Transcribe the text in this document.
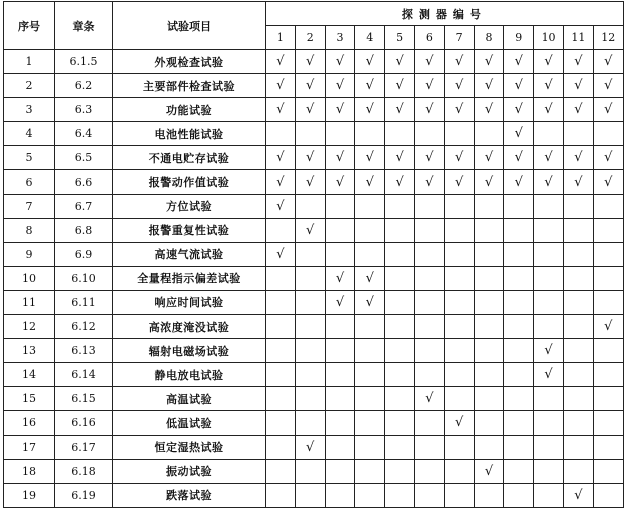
序号	章条	试验项目	探测器编号											
			1	2	3	4	5	6	7	8	9	10	11	12
1	6.1.5	外观检查试验	√	√	√	√	√	√	√	√	√	√	√	√
2	6.2	主要部件检查试验	√	√	√	√	√	√	√	√	√	√	√	√
3	6.3	功能试验	√	√	√	√	√	√	√	√	√	√	√	√
4	6.4	电池性能试验									√			
5	6.5	不通电贮存试验	√	√	√	√	√	√	√	√	√	√	√	√
6	6.6	报警动作值试验	√	√	√	√	√	√	√	√	√	√	√	√
7	6.7	方位试验	√											
8	6.8	报警重复性试验		√										
9	6.9	高速气流试验	√											
10	6.10	全量程指示偏差试验			√	√								
11	6.11	响应时间试验			√	√								
12	6.12	高浓度淹没试验												√
13	6.13	辐射电磁场试验										√		
14	6.14	静电放电试验										√		
15	6.15	高温试验						√						
16	6.16	低温试验							√					
17	6.17	恒定湿热试验		√										
18	6.18	振动试验								√				
19	6.19	跌落试验											√	
